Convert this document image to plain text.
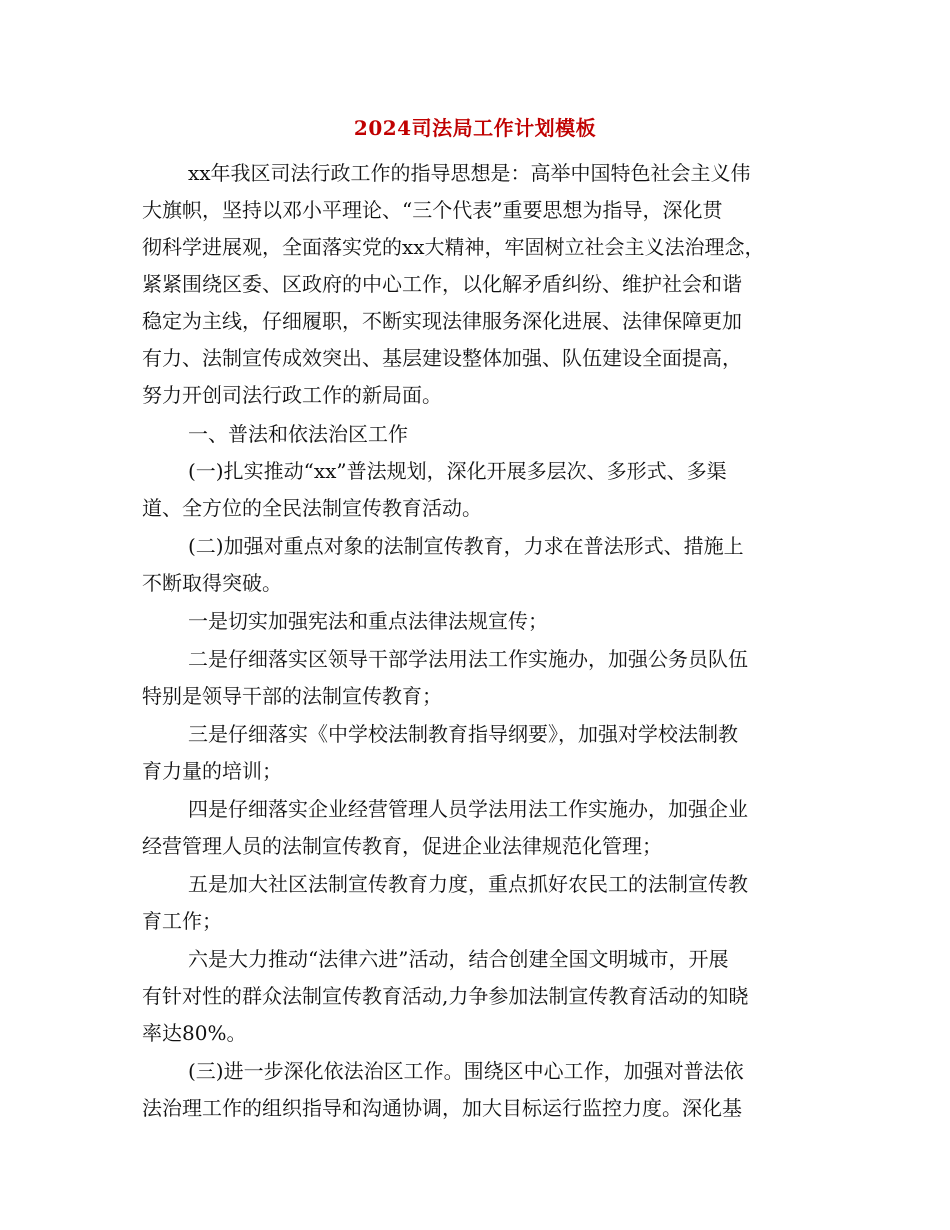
2024司法局工作计划模板

xx年我区司法行政工作的指导思想是：高举中国特色社会主义伟

大旗帜，坚持以邓小平理论、“三个代表”重要思想为指导，深化贯

彻科学进展观，全面落实党的xx大精神，牢固树立社会主义法治理念，

紧紧围绕区委、区政府的中心工作，以化解矛盾纠纷、维护社会和谐

稳定为主线，仔细履职，不断实现法律服务深化进展、法律保障更加

有力、法制宣传成效突出、基层建设整体加强、队伍建设全面提高，

努力开创司法行政工作的新局面。

一、普法和依法治区工作

(一)扎实推动“xx”普法规划，深化开展多层次、多形式、多渠

道、全方位的全民法制宣传教育活动。

(二)加强对重点对象的法制宣传教育，力求在普法形式、措施上

不断取得突破。

一是切实加强宪法和重点法律法规宣传；

二是仔细落实区领导干部学法用法工作实施办，加强公务员队伍

特别是领导干部的法制宣传教育；

三是仔细落实《中学校法制教育指导纲要》，加强对学校法制教

育力量的培训；

四是仔细落实企业经营管理人员学法用法工作实施办，加强企业

经营管理人员的法制宣传教育，促进企业法律规范化管理；

五是加大社区法制宣传教育力度，重点抓好农民工的法制宣传教

育工作；

六是大力推动“法律六进”活动，结合创建全国文明城市，开展

有针对性的群众法制宣传教育活动,力争参加法制宣传教育活动的知晓

率达80%。

(三)进一步深化依法治区工作。围绕区中心工作，加强对普法依

法治理工作的组织指导和沟通协调，加大目标运行监控力度。深化基
